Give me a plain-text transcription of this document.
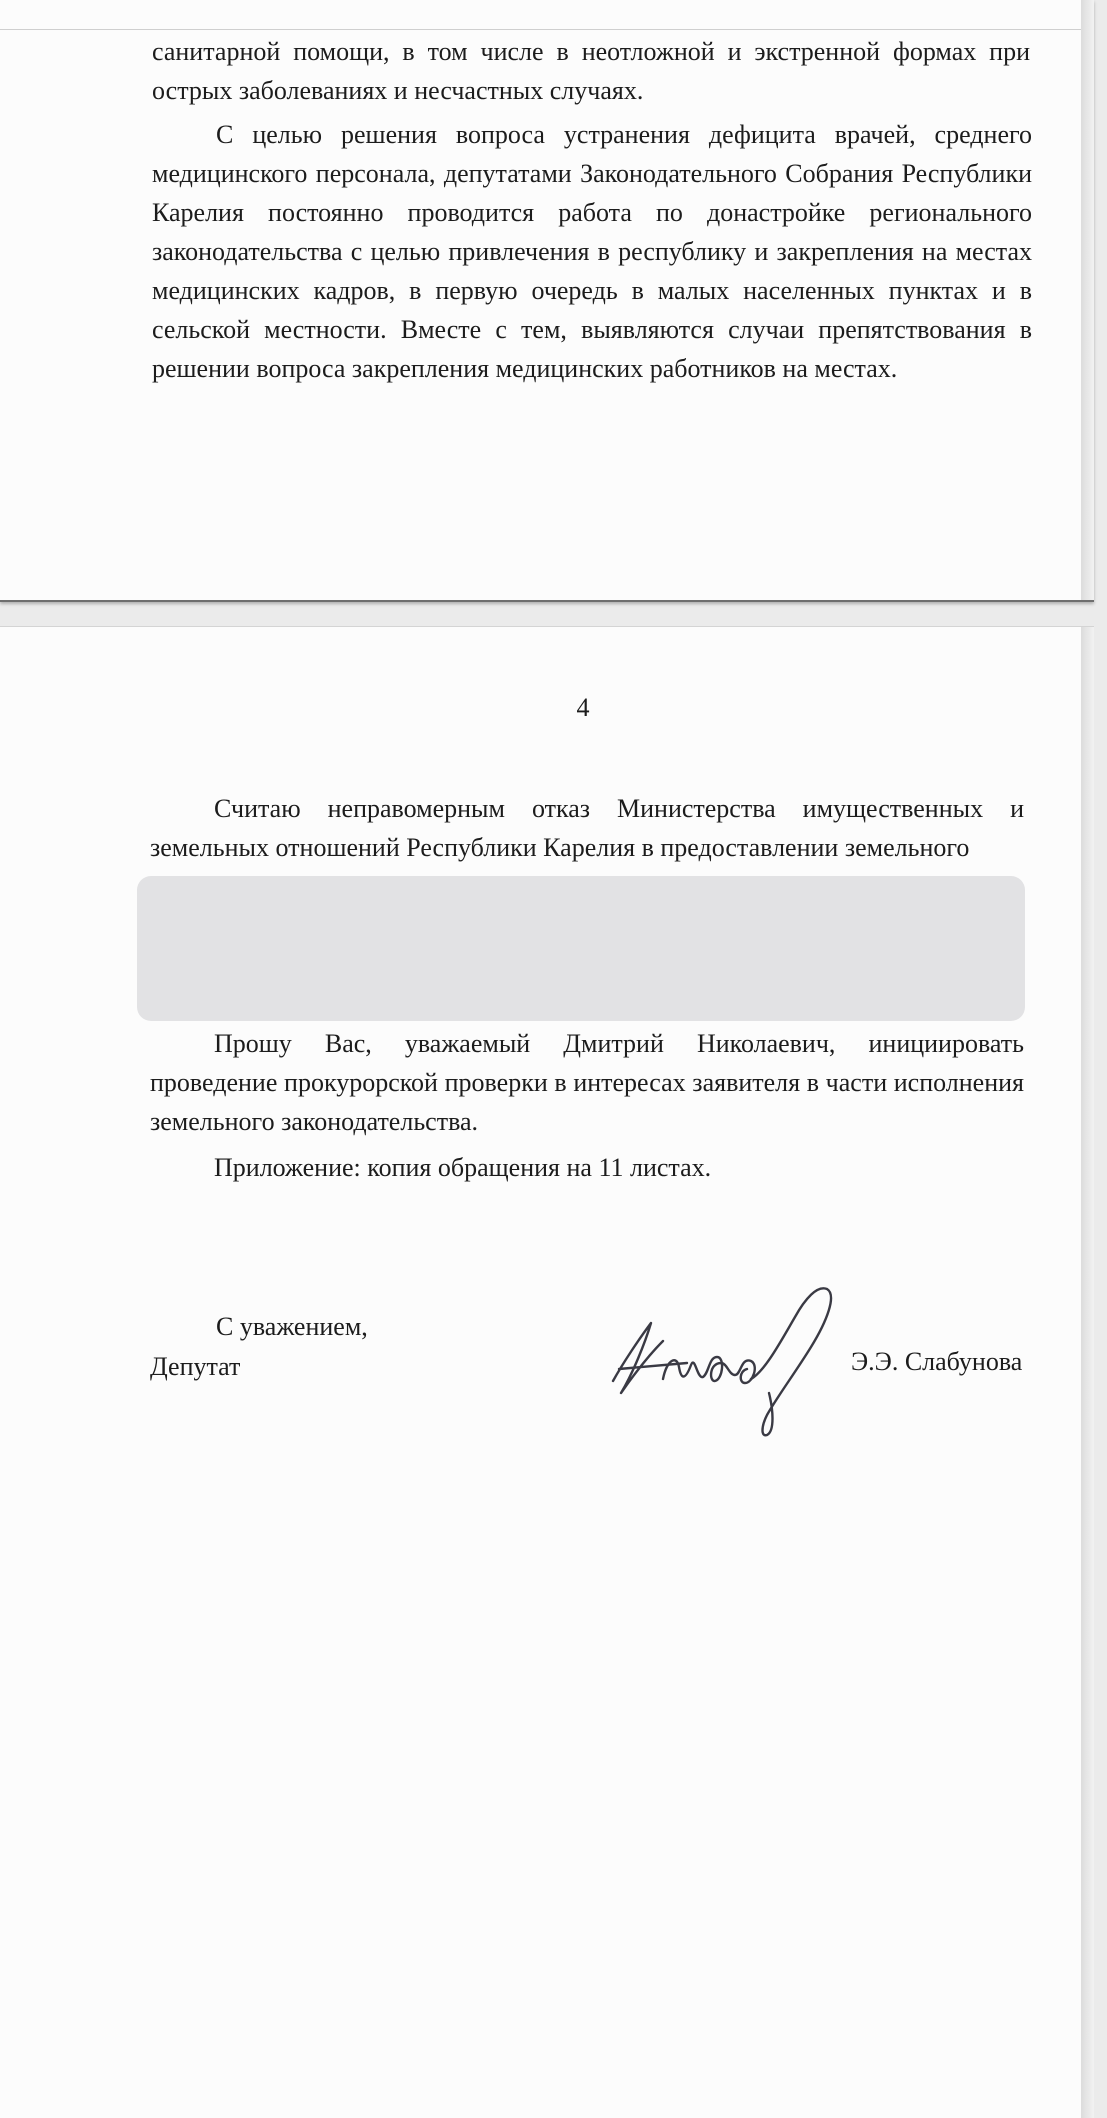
санитарной помощи, в том числе в неотложной и экстренной формах при острых заболеваниях и несчастных случаях.

С целью решения вопроса устранения дефицита врачей, среднего медицинского персонала, депутатами Законодательного Собрания Республики Карелия постоянно проводится работа по донастройке регионального законодательства с целью привлечения в республику и закрепления на местах медицинских кадров, в первую очередь в малых населенных пунктах и в сельской местности. Вместе с тем, выявляются случаи препятствования в решении вопроса закрепления медицинских работников на местах.

4

Считаю неправомерным отказ Министерства имущественных и земельных отношений Республики Карелия в предоставлении земельного

Прошу Вас, уважаемый Дмитрий Николаевич, инициировать проведение прокурорской проверки в интересах заявителя в части исполнения земельного законодательства.

Приложение: копия обращения на 11 листах.

С уважением,
Депутат	Э.Э. Слабунова
